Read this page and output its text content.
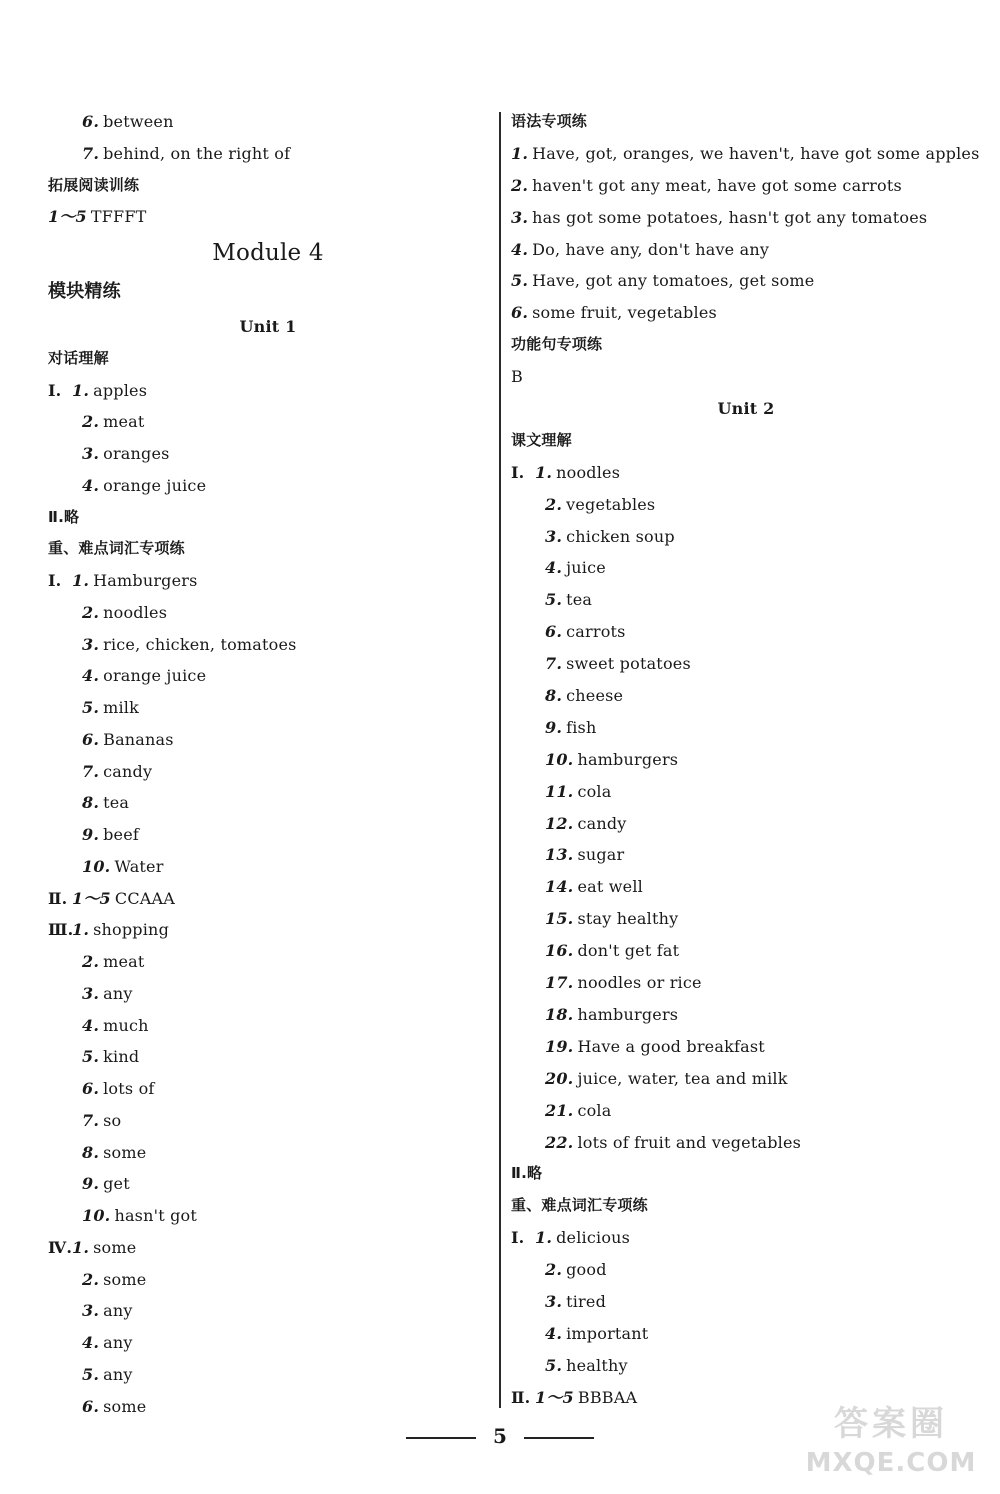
6. between
7. behind, on the right of
拓展阅读训练
1～5 TFFFT
Module 4
模块精练
Unit 1
对话理解
Ⅰ. 1. apples
2. meat
3. oranges
4. orange juice
Ⅱ.略
重、难点词汇专项练
Ⅰ. 1. Hamburgers
2. noodles
3. rice, chicken, tomatoes
4. orange juice
5. milk
6. Bananas
7. candy
8. tea
9. beef
10. Water
Ⅱ. 1～5 CCAAA
Ⅲ.1. shopping
2. meat
3. any
4. much
5. kind
6. lots of
7. so
8. some
9. get
10. hasn't got
Ⅳ.1. some
2. some
3. any
4. any
5. any
6. some
语法专项练
1. Have, got, oranges, we haven't, have got some apples
2. haven't got any meat, have got some carrots
3. has got some potatoes, hasn't got any tomatoes
4. Do, have any, don't have any
5. Have, got any tomatoes, get some
6. some fruit, vegetables
功能句专项练
B
Unit 2
课文理解
Ⅰ. 1. noodles
2. vegetables
3. chicken soup
4. juice
5. tea
6. carrots
7. sweet potatoes
8. cheese
9. fish
10. hamburgers
11. cola
12. candy
13. sugar
14. eat well
15. stay healthy
16. don't get fat
17. noodles or rice
18. hamburgers
19. Have a good breakfast
20. juice, water, tea and milk
21. cola
22. lots of fruit and vegetables
Ⅱ.略
重、难点词汇专项练
Ⅰ. 1. delicious
2. good
3. tired
4. important
5. healthy
Ⅱ. 1～5 BBBAA
5	答案圈
MXQE.COM
